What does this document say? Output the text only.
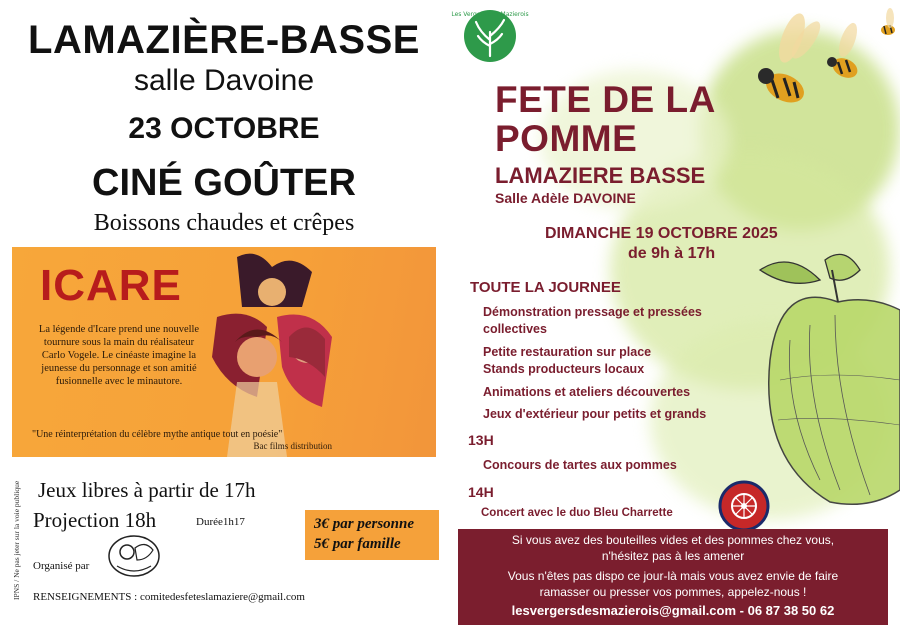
LAMAZIÈRE-BASSE
salle Davoine
23 OCTOBRE
CINÉ GOÛTER
Boissons chaudes et crêpes
ICARE
La légende d'Icare prend une nouvelle tournure sous la main du réalisateur Carlo Vogele. Le cinéaste imagine la jeunesse du personnage et son amitié fusionnelle avec le minautore.
"Une réinterprétation du célèbre mythe antique tout en poésie"
Bac films distribution
IPNS / Ne pas jeter sur la voie publique Jeux libres à partir de 17h
Projection 18h	Durée1h17	3€ par personne
5€ par famille
Organisé par
RENSEIGNEMENTS : comitedesfeteslamaziere@gmail.com
Les Vergers des Mazierois
FETE DE LA
POMME
LAMAZIERE BASSE
Salle Adèle DAVOINE
DIMANCHE 19 OCTOBRE 2025
de 9h à 17h
TOUTE LA JOURNEE
Démonstration pressage et pressées
collectives
Petite restauration sur place
Stands producteurs locaux
Animations et ateliers découvertes
Jeux d'extérieur pour petits et grands
13H
Concours de tartes aux pommes
14H
Concert avec le duo Bleu Charrette
Si vous avez des bouteilles vides et des pommes chez vous,
n'hésitez pas à les amener
Vous n'êtes pas dispo ce jour-là mais vous avez envie de faire
ramasser ou presser vos pommes, appelez-nous !
lesvergersdesmazierois@gmail.com - 06 87 38 50 62
